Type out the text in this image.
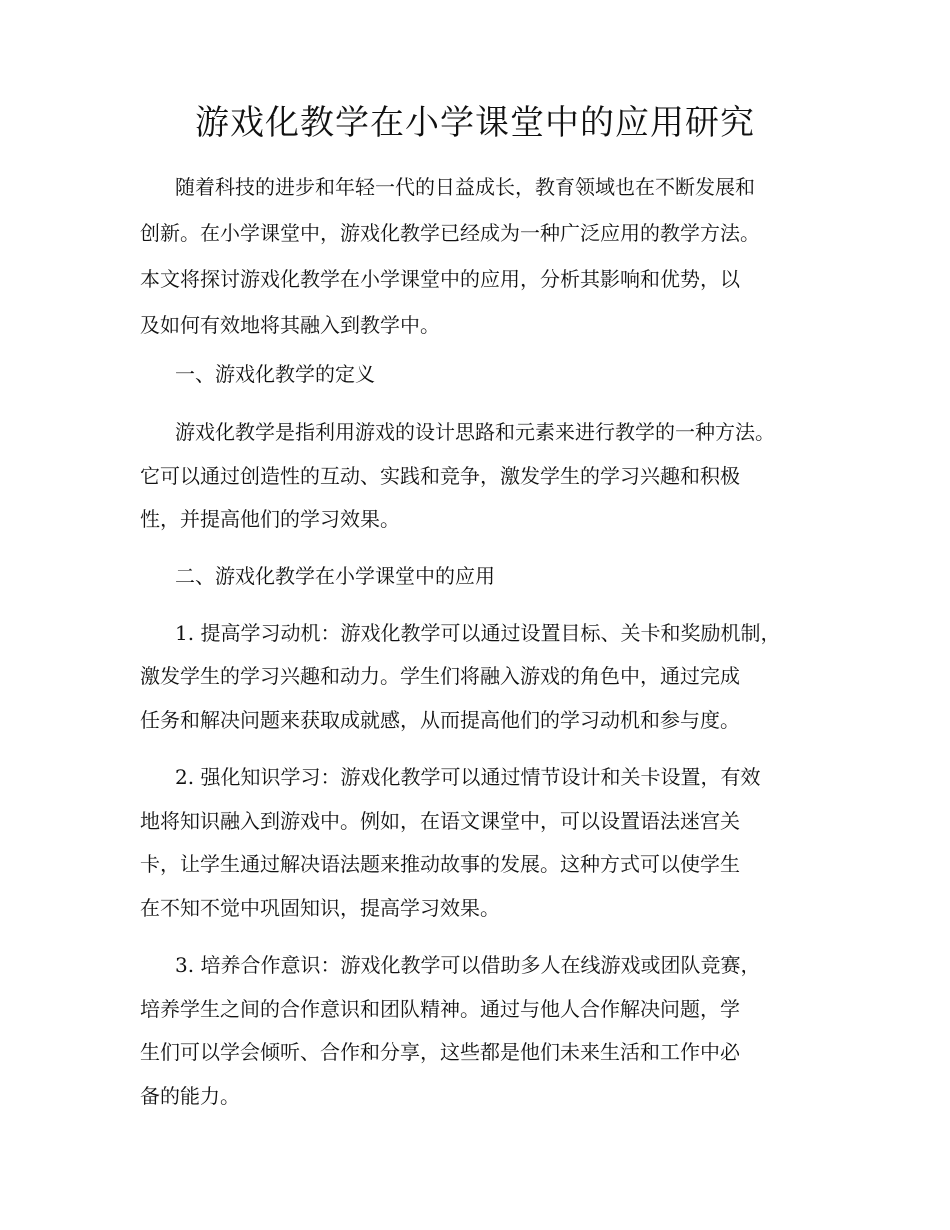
游戏化教学在小学课堂中的应用研究
随着科技的进步和年轻一代的日益成长，教育领域也在不断发展和
创新。在小学课堂中，游戏化教学已经成为一种广泛应用的教学方法。
本文将探讨游戏化教学在小学课堂中的应用，分析其影响和优势，以
及如何有效地将其融入到教学中。
一、游戏化教学的定义
游戏化教学是指利用游戏的设计思路和元素来进行教学的一种方法。
它可以通过创造性的互动、实践和竞争，激发学生的学习兴趣和积极
性，并提高他们的学习效果。
二、游戏化教学在小学课堂中的应用
1. 提高学习动机：游戏化教学可以通过设置目标、关卡和奖励机制，
激发学生的学习兴趣和动力。学生们将融入游戏的角色中，通过完成
任务和解决问题来获取成就感，从而提高他们的学习动机和参与度。
2. 强化知识学习：游戏化教学可以通过情节设计和关卡设置，有效
地将知识融入到游戏中。例如，在语文课堂中，可以设置语法迷宫关
卡，让学生通过解决语法题来推动故事的发展。这种方式可以使学生
在不知不觉中巩固知识，提高学习效果。
3. 培养合作意识：游戏化教学可以借助多人在线游戏或团队竞赛，
培养学生之间的合作意识和团队精神。通过与他人合作解决问题，学
生们可以学会倾听、合作和分享，这些都是他们未来生活和工作中必
备的能力。
